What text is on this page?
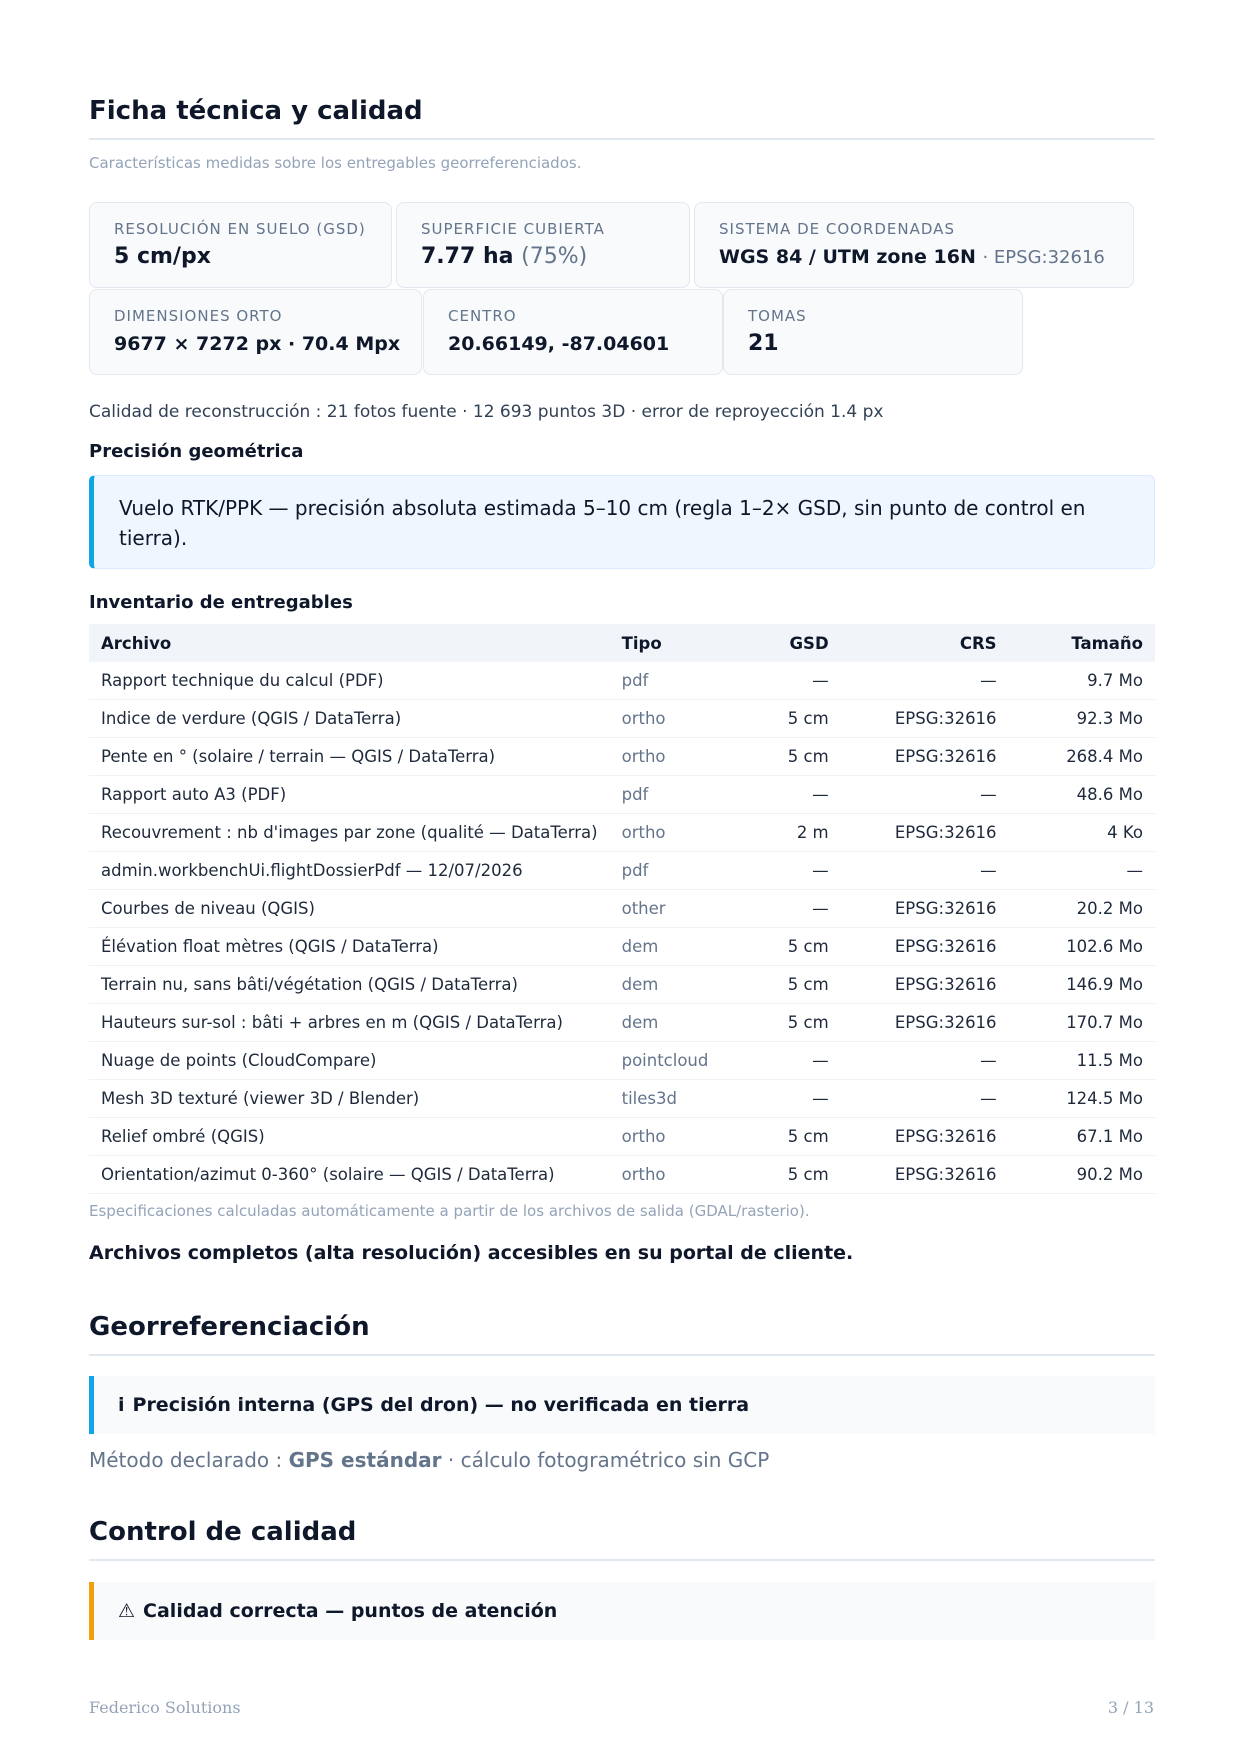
Ficha técnica y calidad

Características medidas sobre los entregables georreferenciados.

RESOLUCIÓN EN SUELO (GSD)
5 cm/px
SUPERFICIE CUBIERTA
7.77 ha (75%)
SISTEMA DE COORDENADAS
WGS 84 / UTM zone 16N · EPSG:32616
DIMENSIONES ORTO
9677 × 7272 px · 70.4 Mpx
CENTRO
20.66149, -87.04601
TOMAS
21
Calidad de reconstrucción : 21 fotos fuente · 12 693 puntos 3D · error de reproyección 1.4 px
Precisión geométrica
Vuelo RTK/PPK — precisión absoluta estimada 5–10 cm (regla 1–2× GSD, sin punto de control en tierra).
Inventario de entregables
Archivo	Tipo	GSD	CRS	Tamaño
Rapport technique du calcul (PDF)	pdf	—	—	9.7 Mo
Indice de verdure (QGIS / DataTerra)	ortho	5 cm	EPSG:32616	92.3 Mo
Pente en ° (solaire / terrain — QGIS / DataTerra)	ortho	5 cm	EPSG:32616	268.4 Mo
Rapport auto A3 (PDF)	pdf	—	—	48.6 Mo
Recouvrement : nb d'images par zone (qualité — DataTerra)	ortho	2 m	EPSG:32616	4 Ko
admin.workbenchUi.flightDossierPdf — 12/07/2026	pdf	—	—	—
Courbes de niveau (QGIS)	other	—	EPSG:32616	20.2 Mo
Élévation float mètres (QGIS / DataTerra)	dem	5 cm	EPSG:32616	102.6 Mo
Terrain nu, sans bâti/végétation (QGIS / DataTerra)	dem	5 cm	EPSG:32616	146.9 Mo
Hauteurs sur-sol : bâti + arbres en m (QGIS / DataTerra)	dem	5 cm	EPSG:32616	170.7 Mo
Nuage de points (CloudCompare)	pointcloud	—	—	11.5 Mo
Mesh 3D texturé (viewer 3D / Blender)	tiles3d	—	—	124.5 Mo
Relief ombré (QGIS)	ortho	5 cm	EPSG:32616	67.1 Mo
Orientation/azimut 0-360° (solaire — QGIS / DataTerra)	ortho	5 cm	EPSG:32616	90.2 Mo
Especificaciones calculadas automáticamente a partir de los archivos de salida (GDAL/rasterio).
Archivos completos (alta resolución) accesibles en su portal de cliente.
Georreferenciación
i Precisión interna (GPS del dron) — no verificada en tierra
Método declarado : GPS estándar · cálculo fotogramétrico sin GCP
Control de calidad
⚠ Calidad correcta — puntos de atención
Federico Solutions	3 / 13
